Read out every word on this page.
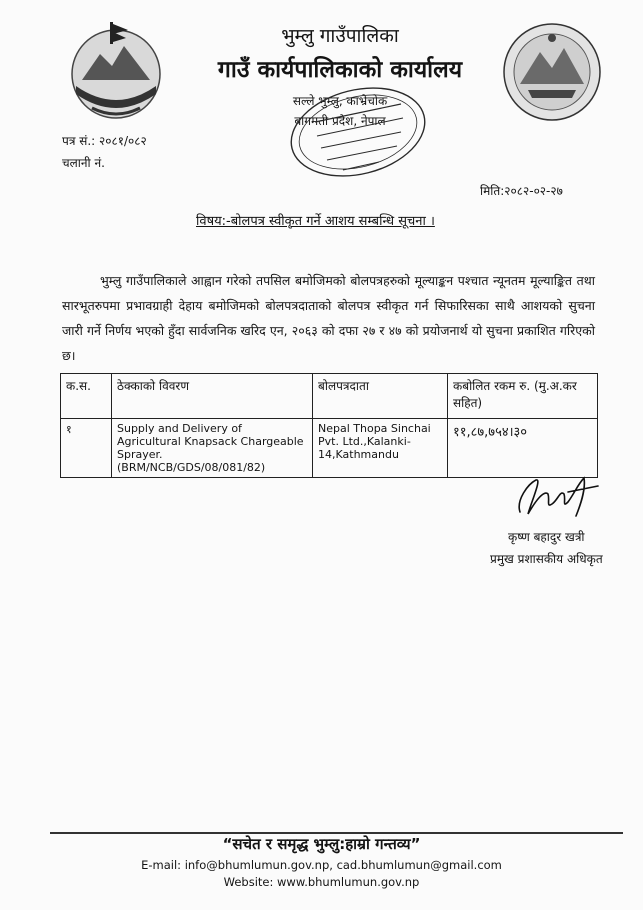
भुम्लु गाउँपालिका
गाउँ कार्यपालिकाको कार्यालय
सल्ले भुम्लु, काभ्रेचोक
बागमती प्रदेश, नेपाल
पत्र सं.: २०८१/०८२
चलानी नं.
मिति:२०८२-०२-२७
विषय:-बोलपत्र स्वीकृत गर्ने आशय सम्बन्धि सूचना ।
भुम्लु गाउँपालिकाले आह्वान गरेको तपसिल बमोजिमको बोलपत्रहरुको मूल्याङ्कन पश्चात न्यूनतम मूल्याङ्कित तथा सारभूतरुपमा प्रभावग्राही देहाय बमोजिमको बोलपत्रदाताको बोलपत्र स्वीकृत गर्न सिफारिसका साथै आशयको सुचना जारी गर्ने निर्णय भएको हुँदा सार्वजनिक खरिद एन, २०६३ को दफा २७ र ४७ को प्रयोजनार्थ यो सुचना प्रकाशित गरिएको छ।
क.स.	ठेक्काको विवरण	बोलपत्रदाता	कबोलित रकम रु. (मु.अ.कर सहित)
१	Supply and Delivery of Agricultural Knapsack Chargeable Sprayer. (BRM/NCB/GDS/08/081/82)	Nepal Thopa Sinchai Pvt. Ltd.,Kalanki-14,Kathmandu	११,८७,७५४।३०
कृष्ण बहादुर खत्री
प्रमुख प्रशासकीय अधिकृत
“सचेत र समृद्ध भुम्लु:हाम्रो गन्तव्य”
E-mail: info@bhumlumun.gov.np, cad.bhumlumun@gmail.com
Website: www.bhumlumun.gov.np
